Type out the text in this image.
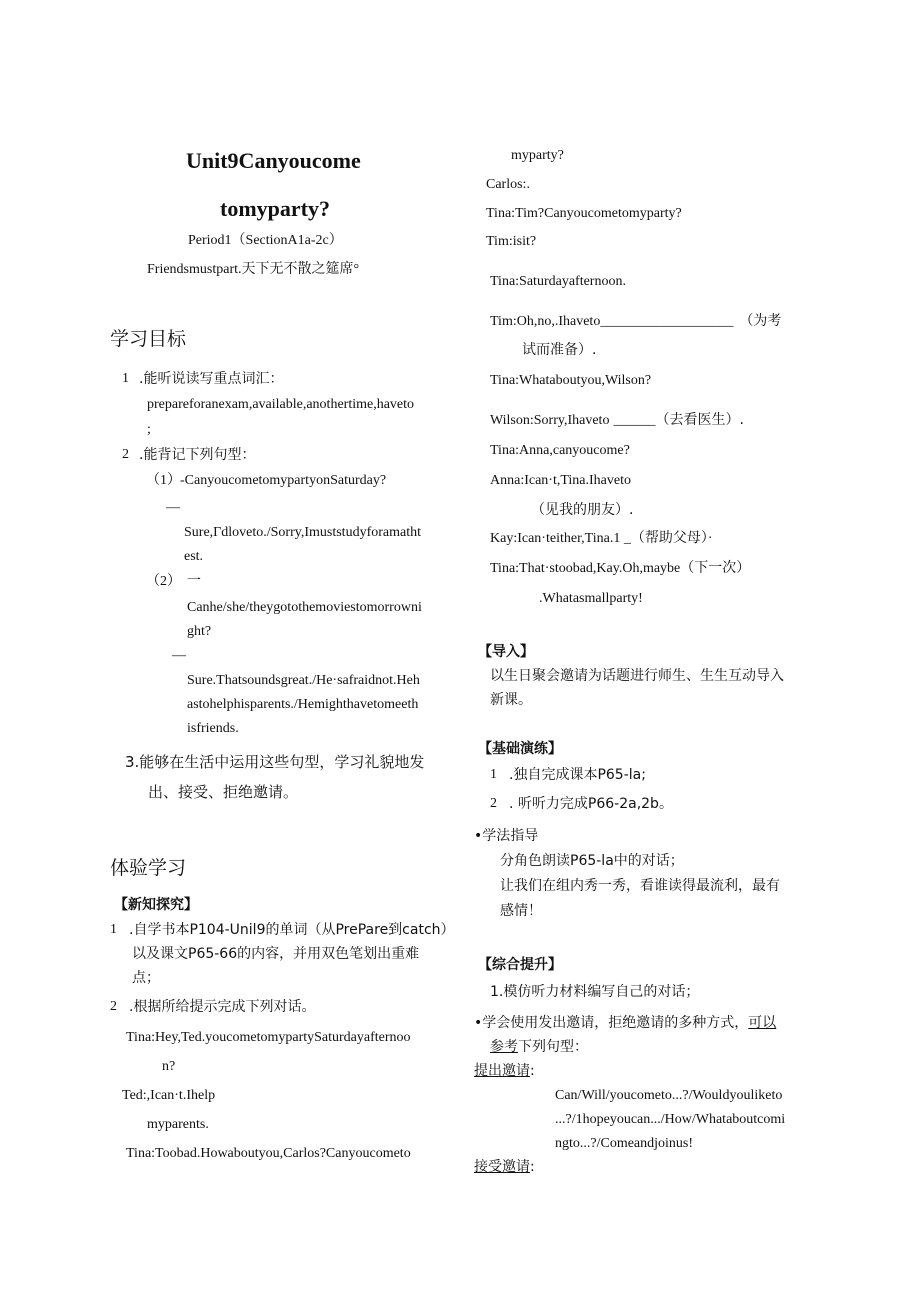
Unit9Canyoucome
tomyparty?
Period1（SectionA1a-2c）
Friendsmustpart.天下无不散之筵席°
学习目标
1 .能听说读写重点词汇：
prepareforanexam,available,anothertime,haveto
;
2 .能背记下列句型：
（1） -CanyoucometomypartyonSaturday?
—
Sure,Γdloveto./Sorry,Imuststudyforamatht
est.
（2） 一
Canhe/she/theygotothemoviestomorrowni
ght?
—
Sure.Thatsoundsgreat./He·safraidnot.Heh
astohelphisparents./Hemighthavetomeeth
isfriends.
3.能够在生活中运用这些句型，学习礼貌地发
出、接受、拒绝邀请。
体验学习
【新知探究】
1 .自学书本P104-Unil9的单词（从PrePare到catch）
以及课文P65-66的内容，并用双色笔划出重难
点；
2 .根据所给提示完成下列对话。
Tina:Hey,Ted.youcometomypartySaturdayafternoo
n?
Ted:,Ican·t.Ihelp
myparents.
Tina:Toobad.Howaboutyou,Carlos?Canyoucometo
myparty?
Carlos:.
Tina:Tim?Canyoucometomyparty?
Tim:isit?
Tina:Saturdayafternoon.
Tim:Oh,no,.Ihaveto___________________ （为考
试而准备）.
Tina:Whataboutyou,Wilson?
Wilson:Sorry,Ihaveto ______（去看医生）.
Tina:Anna,canyoucome?
Anna:Ican·t,Tina.Ihaveto
（见我的朋友）.
Kay:Ican·teither,Tina.1 _（帮助父母）·
Tina:That·stoobad,Kay.Oh,maybe（下一次）
.Whatasmallparty!
【导入】
以生日聚会邀请为话题进行师生、生生互动导入
新课。
【基础演练】
1 .独自完成课本P65-la;
2 . 听听力完成P66-2a,2b。
•学法指导
分角色朗读P65-la中的对话；
让我们在组内秀一秀，看谁读得最流利，最有
感情！
【综合提升】
1.模仿听力材料编写自己的对话；
•学会使用发出邀请，拒绝邀请的多种方式，可以
参考下列句型：
提出邀请:
Can/Will/youcometo...?/Wouldyouliketo
...?/1hopeyoucan.../How/Whataboutcomi
ngto...?/Comeandjoinus!
接受邀请:
